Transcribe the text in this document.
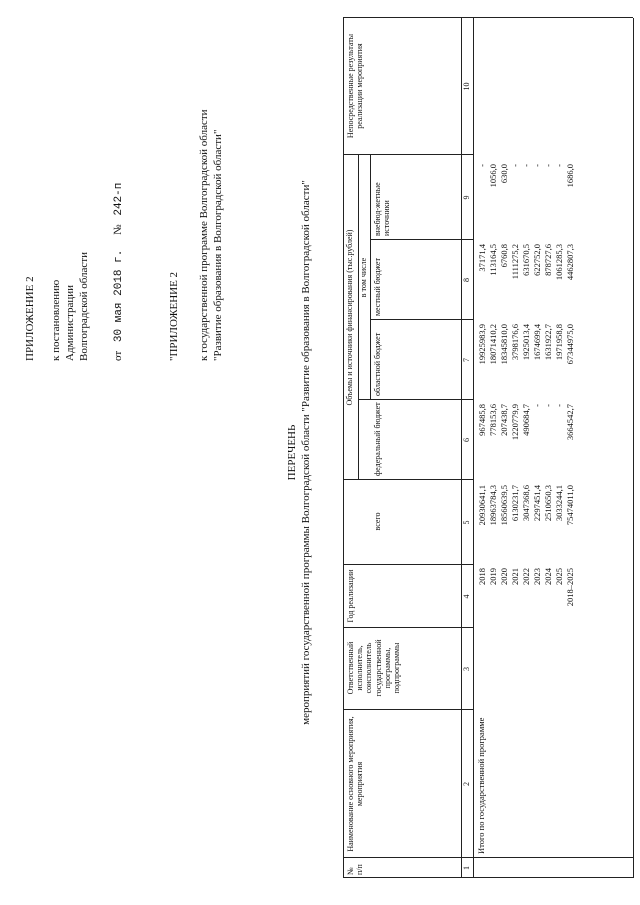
ПРИЛОЖЕНИЕ 2 к постановлению Администрации Волгоградской области от 30 мая 2018 г. № 242-п
"ПРИЛОЖЕНИЕ 2 к государственной программе Волгоградской области "Развитие образования в Волгоградской области"
ПЕРЕЧЕНЬ мероприятий государственной программы Волгоградской области "Развитие образования в Волгоградской области"
№ п/п
Наименование основного мероприятия, мероприятия
Ответственный исполнитель, соисполнитель государственной программы, подпрограммы
Год реализации
Объемы и источники финансирования (тыс.рублей)
всего
в том числе
федеральный бюджет
областной бюджет
местный бюджет
внебюд-жетные источники
Непосредственные результаты реализации мероприятия
1
2
3
4
5
6
7
8
9
10
Итого по государственной программе
2018 2019 2020 2021 2022 2023 2024 2025 2018–2025
20930641,1 18963784,3 18560639,5 6130231,7 3047368,6 2297451,4 2510650,3 3033244,1 75474011,0
967485,8 778153,6 207438,7 1220779,9 490684,7 - - - 3664542,7
19925983,9 18071410,2 18345810,0 3798176,6 1925013,4 1674699,4 1631922,7 1971958,8 67344975,0
37171,4 113164,5 6760,8 1111275,2 631670,5 622752,0 878727,6 1061285,3 4462807,3
- 1056,0 630,0 - - - - - 1686,0
